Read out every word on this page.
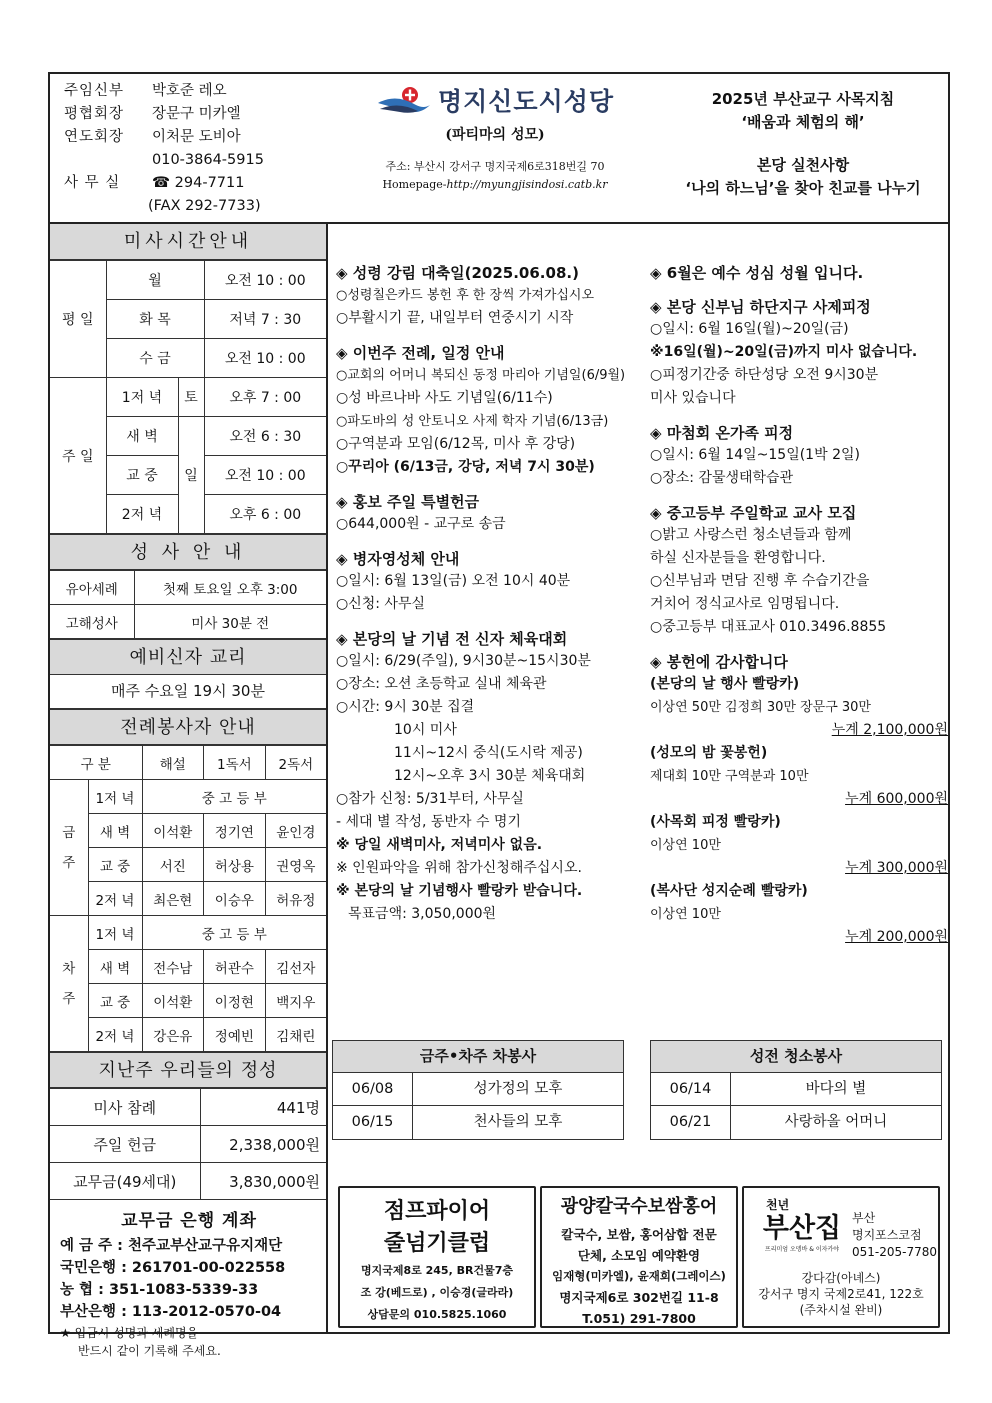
주임신부	박호준 레오
평협회장	장문구 미카엘
연도회장	이처문 도비아
010-3864-5915
사 무 실	☎ 294-7711
(FAX 292-7733)
명지신도시성당
(파티마의 성모)
주소: 부산시 강서구 명지국제6로318번길 70
Homepage-http://myungjisindosi.catb.kr
2025년 부산교구 사목지침
‘배움과 체험의 해’
본당 실천사항
‘나의 하느님’을 찾아 친교를 나누기
미사시간안내
평 일	월		오전 10 : 00
	화 목		저녁 7 : 30
	수 금		오전 10 : 00
주 일	1저 녁	토	오후 7 : 00
	새 벽	일	오전 6 : 30
	교 중		오전 10 : 00
	2저 녁		오후 6 : 00
성 사 안 내
유아세례	첫째 토요일 오후 3:00
고해성사	미사 30분 전
예비신자 교리
매주 수요일 19시 30분
전례봉사자 안내
구 분		해설	1독서	2독서
금
주	1저 녁	중 고 등 부		
	새 벽	이석환	정기연	윤인경
	교 중	서진	허상용	권영옥
	2저 녁	최은현	이승우	허유정
차
주	1저 녁	중 고 등 부		
	새 벽	전수남	허관수	김선자
	교 중	이석환	이정현	백지우
	2저 녁	강은유	정예빈	김채린
지난주 우리들의 정성
미사 참례	441명
주일 헌금	2,338,000원
교무금(49세대)	3,830,000원
교무금 은행 계좌
예 금 주 : 천주교부산교구유지재단
국민은행 : 261701-00-022558
농 협 : 351-1083-5339-33
부산은행 : 113-2012-0570-04
★ 입금시 성명과 세례명을
반드시 같이 기록해 주세요.
◈ 성령 강림 대축일(2025.06.08.)
○성령칠은카드 봉헌 후 한 장씩 가져가십시오
○부활시기 끝, 내일부터 연중시기 시작
◈ 이번주 전례, 일정 안내
○교회의 어머니 복되신 동정 마리아 기념일(6/9월)
○성 바르나바 사도 기념일(6/11수)
○파도바의 성 안토니오 사제 학자 기념(6/13금)
○구역분과 모임(6/12목, 미사 후 강당)
○꾸리아 (6/13금, 강당, 저녁 7시 30분)
◈ 홍보 주일 특별헌금
○644,000원 - 교구로 송금
◈ 병자영성체 안내
○일시: 6월 13일(금) 오전 10시 40분
○신청: 사무실
◈ 본당의 날 기념 전 신자 체육대회
○일시: 6/29(주일), 9시30분~15시30분
○장소: 오션 초등학교 실내 체육관
○시간: 9시 30분 집결
10시 미사
11시~12시 중식(도시락 제공)
12시~오후 3시 30분 체육대회
○참가 신청: 5/31부터, 사무실
- 세대 별 작성, 동반자 수 명기
※ 당일 새벽미사, 저녁미사 없음.
※ 인원파악을 위해 참가신청해주십시오.
※ 본당의 날 기념행사 빨랑카 받습니다.
목표금액: 3,050,000원
◈ 6월은 예수 성심 성월 입니다.
◈ 본당 신부님 하단지구 사제피정
○일시: 6월 16일(월)~20일(금)
※16일(월)~20일(금)까지 미사 없습니다.
○피정기간중 하단성당 오전 9시30분
미사 있습니다
◈ 마첨회 온가족 피정
○일시: 6월 14일~15일(1박 2일)
○장소: 감물생태학습관
◈ 중고등부 주일학교 교사 모집
○밝고 사랑스런 청소년들과 함께
하실 신자분들을 환영합니다.
○신부님과 면담 진행 후 수습기간을
거치어 정식교사로 임명됩니다.
○중고등부 대표교사 010.3496.8855
◈ 봉헌에 감사합니다
(본당의 날 행사 빨랑카)
이상연 50만 김정희 30만 장문구 30만
누계 2,100,000원
(성모의 밤 꽃봉헌)
제대회 10만 구역분과 10만
누계 600,000원
(사목회 피정 빨랑카)
이상연 10만
누계 300,000원
(복사단 성지순례 빨랑카)
이상연 10만
누계 200,000원
금주•차주 차봉사
06/08	성가정의 모후
06/15	천사들의 모후
성전 청소봉사
06/14	바다의 별
06/21	사랑하올 어머니
점프파이어
줄넘기클럽
명지국제8로 245, BR건물7층
조 강(베드로) , 이승경(글라라)
상담문의 010.5825.1060
광양칼국수보쌈홍어
칼국수, 보쌈, 홍어삼합 전문
단체, 소모임 예약환영
임재형(미카엘), 윤재희(그레이스)
명지국제6로 302번길 11-8
T.051) 291-7800
천년
부산집
프리미엄 오뎅바 & 이자카야
부산
명지포스코점
051-205-7780
강다감(아녜스)
강서구 명지 국제2로41, 122호
(주차시설 완비)
